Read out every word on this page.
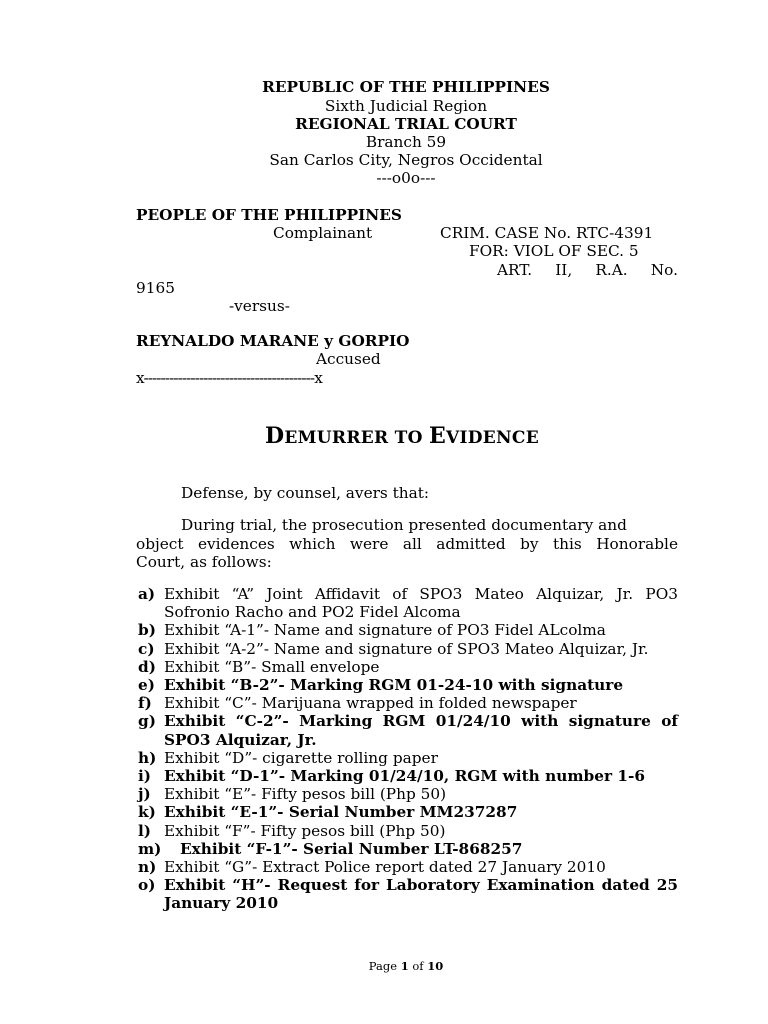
REPUBLIC OF THE PHILIPPINES
Sixth Judicial Region
REGIONAL TRIAL COURT
Branch 59
San Carlos City, Negros Occidental
---o0o---
PEOPLE OF THE PHILIPPINES
Complainant	CRIM. CASE No. RTC-4391
FOR: VIOL OF SEC. 5
ART.   II,   R.A.   No.
9165
-versus-
REYNALDO MARANE y GORPIO
Accused
x----------------------------------------x
DEMURRER TO EVIDENCE
Defense, by counsel, avers that:
During trial, the prosecution presented documentary and
object evidences which were all admitted by this Honorable
Court, as follows:
a) Exhibit “A” Joint Affidavit of SPO3 Mateo Alquizar, Jr. PO3 Sofronio Racho and PO2 Fidel Alcoma
b) Exhibit “A-1”- Name and signature of PO3 Fidel ALcolma
c) Exhibit “A-2”- Name and signature of SPO3 Mateo Alquizar, Jr.
d) Exhibit “B”- Small envelope
e) Exhibit “B-2”- Marking RGM 01-24-10 with signature
f) Exhibit “C”- Marijuana wrapped in folded newspaper
g) Exhibit “C-2”- Marking RGM 01/24/10 with signature of SPO3 Alquizar, Jr.
h) Exhibit “D”- cigarette rolling paper
i) Exhibit “D-1”- Marking 01/24/10, RGM with number 1-6
j) Exhibit “E”- Fifty pesos bill (Php 50)
k) Exhibit “E-1”- Serial Number MM237287
l) Exhibit “F”- Fifty pesos bill (Php 50)
m)	Exhibit “F-1”- Serial Number LT-868257
n) Exhibit “G”- Extract Police report dated 27 January 2010
o) Exhibit “H”- Request for Laboratory Examination dated 25 January 2010
Page 1 of 10
